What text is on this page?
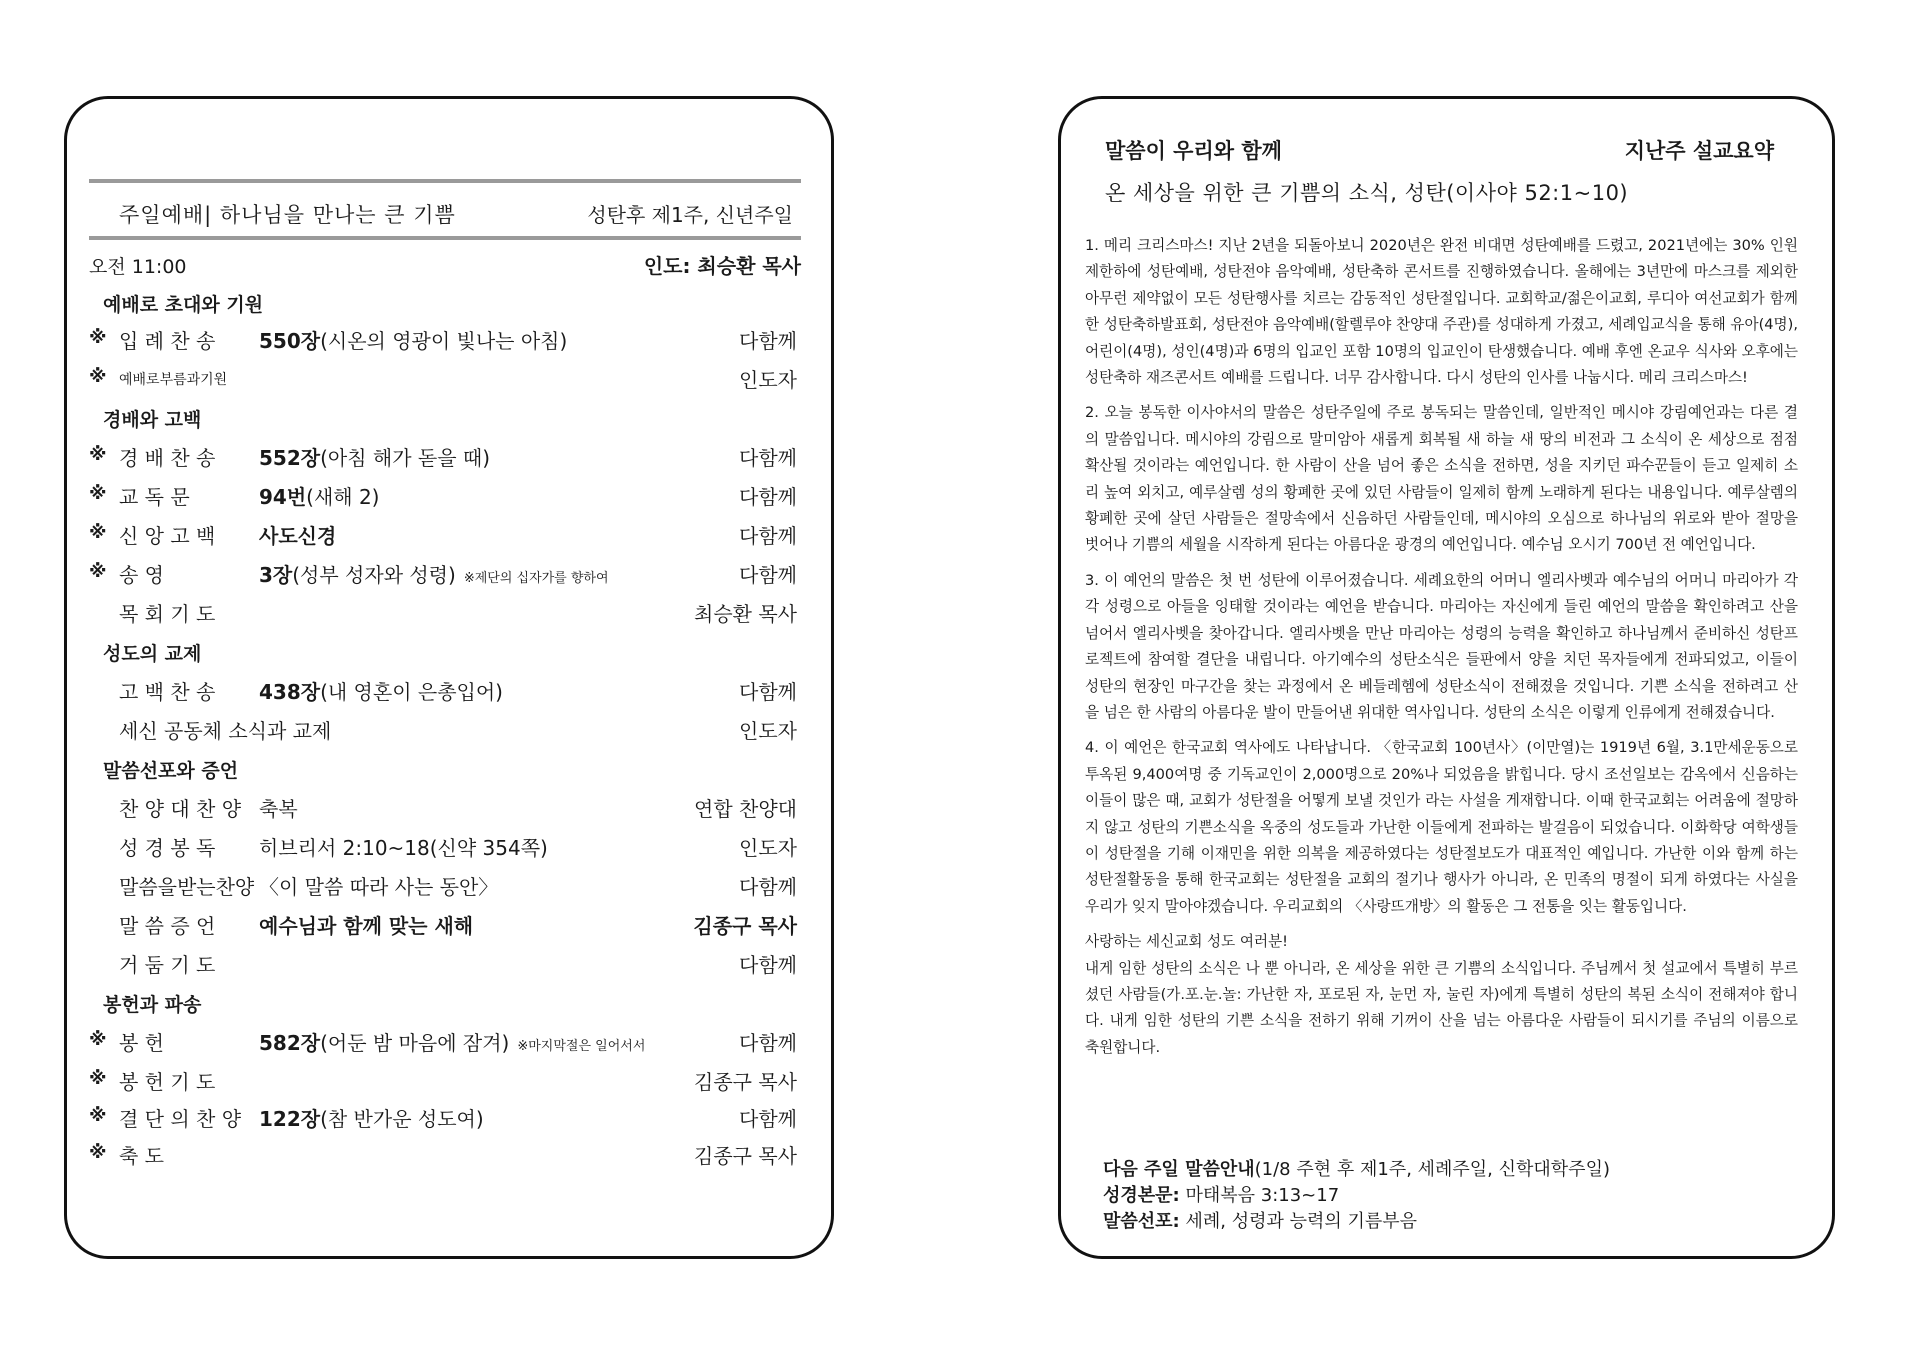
주일예배| 하나님을 만나는 큰 기쁨	성탄후 제1주, 신년주일
오전 11:00	인도: 최승환 목사
예배로 초대와 기원
※ 입 례 찬 송 550장(시온의 영광이 빛나는 아침)	다함께
※ 예배로부름과기원	인도자
경배와 고백
※ 경 배 찬 송 552장(아침 해가 돋을 때)	다함께
※ 교 독 문	94번(새해 2)	다함께
※ 신 앙 고 백 사도신경	다함께
※ 송 영	3장(성부 성자와 성령) ※제단의 십자가를 향하여	다함께
목 회 기 도	최승환 목사
성도의 교제
고 백 찬 송 438장(내 영혼이 은총입어)	다함께
세신 공동체 소식과 교제	인도자
말씀선포와 증언
찬 양 대 찬 양 축복	연합 찬양대
성 경 봉 독 히브리서 2:10~18(신약 354쪽)	인도자
말씀을받는찬양 〈이 말씀 따라 사는 동안〉	다함께
말 씀 증 언 예수님과 함께 맞는 새해	김종구 목사
거 둠 기 도	다함께
봉헌과 파송
※ 봉 헌	582장(어둔 밤 마음에 잠겨) ※마지막절은 일어서서	다함께
※ 봉 헌 기 도	김종구 목사
※ 결 단 의 찬 양 122장(참 반가운 성도여)	다함께
※ 축 도	김종구 목사
말씀이 우리와 함께	지난주 설교요약
온 세상을 위한 큰 기쁨의 소식, 성탄(이사야 52:1~10)

1. 메리 크리스마스! 지난 2년을 되돌아보니 2020년은 완전 비대면 성탄예배를 드렸고, 2021년에는 30% 인원제한하에 성탄예배, 성탄전야 음악예배, 성탄축하 콘서트를 진행하였습니다. 올해에는 3년만에 마스크를 제외한 아무런 제약없이 모든 성탄행사를 치르는 감동적인 성탄절입니다. 교회학교/젊은이교회, 루디아 여선교회가 함께한 성탄축하발표회, 성탄전야 음악예배(할렐루야 찬양대 주관)를 성대하게 가졌고, 세례입교식을 통해 유아(4명), 어린이(4명), 성인(4명)과 6명의 입교인 포함 10명의 입교인이 탄생했습니다. 예배 후엔 온교우 식사와 오후에는 성탄축하 재즈콘서트 예배를 드립니다. 너무 감사합니다. 다시 성탄의 인사를 나눕시다. 메리 크리스마스!

2. 오늘 봉독한 이사야서의 말씀은 성탄주일에 주로 봉독되는 말씀인데, 일반적인 메시야 강림예언과는 다른 결의 말씀입니다. 메시야의 강림으로 말미암아 새롭게 회복될 새 하늘 새 땅의 비전과 그 소식이 온 세상으로 점점 확산될 것이라는 예언입니다. 한 사람이 산을 넘어 좋은 소식을 전하면, 성을 지키던 파수꾼들이 듣고 일제히 소리 높여 외치고, 예루살렘 성의 황폐한 곳에 있던 사람들이 일제히 함께 노래하게 된다는 내용입니다. 예루살렘의 황폐한 곳에 살던 사람들은 절망속에서 신음하던 사람들인데, 메시야의 오심으로 하나님의 위로와 받아 절망을 벗어나 기쁨의 세월을 시작하게 된다는 아름다운 광경의 예언입니다. 예수님 오시기 700년 전 예언입니다.

3. 이 예언의 말씀은 첫 번 성탄에 이루어졌습니다. 세례요한의 어머니 엘리사벳과 예수님의 어머니 마리아가 각각 성령으로 아들을 잉태할 것이라는 예언을 받습니다. 마리아는 자신에게 들린 예언의 말씀을 확인하려고 산을 넘어서 엘리사벳을 찾아갑니다. 엘리사벳을 만난 마리아는 성령의 능력을 확인하고 하나님께서 준비하신 성탄프로젝트에 참여할 결단을 내립니다. 아기예수의 성탄소식은 들판에서 양을 치던 목자들에게 전파되었고, 이들이 성탄의 현장인 마구간을 찾는 과정에서 온 베들레헴에 성탄소식이 전해졌을 것입니다. 기쁜 소식을 전하려고 산을 넘은 한 사람의 아름다운 발이 만들어낸 위대한 역사입니다. 성탄의 소식은 이렇게 인류에게 전해졌습니다.

4. 이 예언은 한국교회 역사에도 나타납니다. 〈한국교회 100년사〉(이만열)는 1919년 6월, 3.1만세운동으로 투옥된 9,400여명 중 기독교인이 2,000명으로 20%나 되었음을 밝힙니다. 당시 조선일보는 감옥에서 신음하는 이들이 많은 때, 교회가 성탄절을 어떻게 보낼 것인가 라는 사설을 게재합니다. 이때 한국교회는 어려움에 절망하지 않고 성탄의 기쁜소식을 옥중의 성도들과 가난한 이들에게 전파하는 발걸음이 되었습니다. 이화학당 여학생들이 성탄절을 기해 이재민을 위한 의복을 제공하였다는 성탄절보도가 대표적인 예입니다. 가난한 이와 함께 하는 성탄절활동을 통해 한국교회는 성탄절을 교회의 절기나 행사가 아니라, 온 민족의 명절이 되게 하였다는 사실을 우리가 잊지 말아야겠습니다. 우리교회의 〈사랑뜨개방〉의 활동은 그 전통을 잇는 활동입니다.

사랑하는 세신교회 성도 여러분!

내게 임한 성탄의 소식은 나 뿐 아니라, 온 세상을 위한 큰 기쁨의 소식입니다. 주님께서 첫 설교에서 특별히 부르셨던 사람들(가.포.눈.놀: 가난한 자, 포로된 자, 눈먼 자, 눌린 자)에게 특별히 성탄의 복된 소식이 전해져야 합니다. 내게 임한 성탄의 기쁜 소식을 전하기 위해 기꺼이 산을 넘는 아름다운 사람들이 되시기를 주님의 이름으로 축원합니다.

다음 주일 말씀안내(1/8 주현 후 제1주, 세례주일, 신학대학주일)
성경본문: 마태복음 3:13~17
말씀선포: 세례, 성령과 능력의 기름부음
